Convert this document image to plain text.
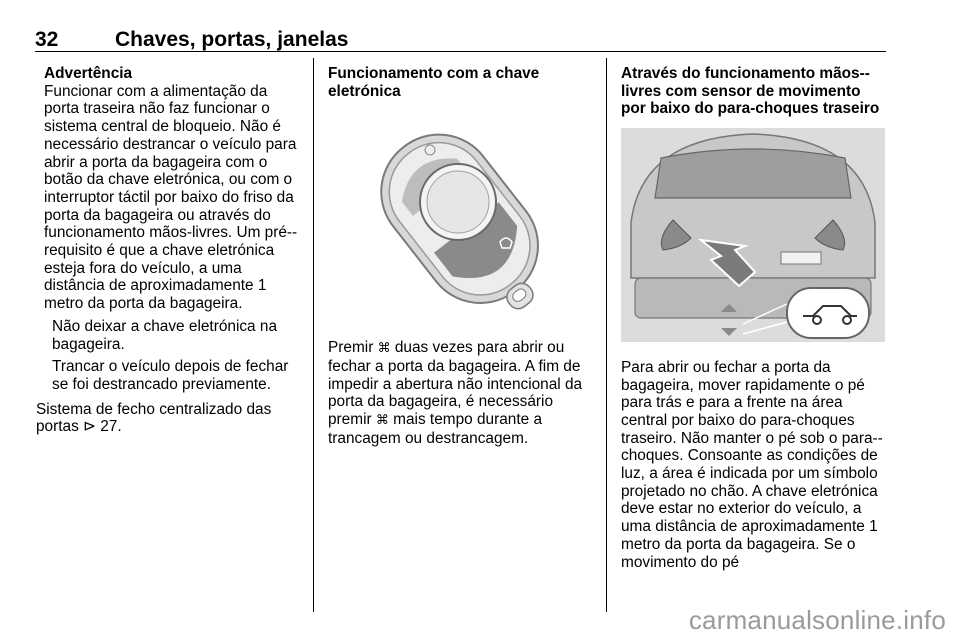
32	Chaves, portas, janelas

Advertência

Funcionar com a alimentação da porta traseira não faz funcionar o sistema central de bloqueio. Não é necessário destrancar o veículo para abrir a porta da bagageira com o botão da chave eletrónica, ou com o interruptor táctil por baixo do friso da porta da bagageira ou através do funcionamento mãos-livres. Um pré--requisito é que a chave eletrónica esteja fora do veículo, a uma distância de aproximadamente 1 metro da porta da bagageira.

Não deixar a chave eletrónica na bagageira.

Trancar o veículo depois de fechar se foi destrancado previamente.

Sistema de fecho centralizado das portas ⊳ 27.

Funcionamento com a chave eletrónica

Premir ⌘ duas vezes para abrir ou fechar a porta da bagageira. A fim de impedir a abertura não intencional da porta da bagageira, é necessário premir ⌘ mais tempo durante a trancagem ou destrancagem.

Através do funcionamento mãos--livres com sensor de movimento por baixo do para-choques traseiro

Para abrir ou fechar a porta da bagageira, mover rapidamente o pé para trás e para a frente na área central por baixo do para-choques traseiro. Não manter o pé sob o para--choques. Consoante as condições de luz, a área é indicada por um símbolo projetado no chão. A chave eletrónica deve estar no exterior do veículo, a uma distância de aproximadamente 1 metro da porta da bagageira. Se o movimento do pé

carmanualsonline.info
